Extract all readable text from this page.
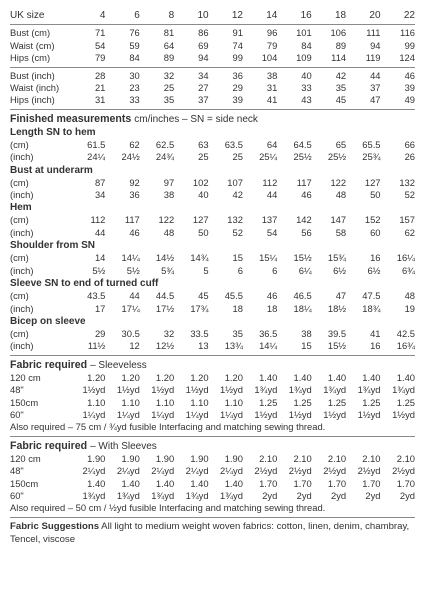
UK size	4	6	8	10	12	14	16	18	20	22
Bust (cm)	71	76	81	86	91	96	101	106	111	116
Waist (cm)	54	59	64	69	74	79	84	89	94	99
Hips (cm)	79	84	89	94	99	104	109	114	119	124
Bust (inch)	28	30	32	34	36	38	40	42	44	46
Waist (inch)	21	23	25	27	29	31	33	35	37	39
Hips (inch)	31	33	35	37	39	41	43	45	47	49
Finished measurements cm/inches – SN = side neck
Length SN to hem
(cm)	61.5	62	62.5	63	63.5	64	64.5	65	65.5	66
(inch)	24¼	24½	24¾	25	25	25¼	25½	25½	25¾	26
Bust at underarm
(cm)	87	92	97	102	107	112	117	122	127	132
(inch)	34	36	38	40	42	44	46	48	50	52
Hem
(cm)	112	117	122	127	132	137	142	147	152	157
(inch)	44	46	48	50	52	54	56	58	60	62
Shoulder from SN
(cm)	14	14¼	14½	14¾	15	15¼	15½	15¾	16	16¼
(inch)	5½	5½	5¾	5	6	6	6¼	6½	6½	6¾
Sleeve SN to end of turned cuff
(cm)	43.5	44	44.5	45	45.5	46	46.5	47	47.5	48
(inch)	17	17¼	17½	17¾	18	18	18¼	18½	18¾	19
Bicep on sleeve
(cm)	29	30.5	32	33.5	35	36.5	38	39.5	41	42.5
(inch)	11½	12	12½	13	13¾	14¼	15	15½	16	16¾
Fabric required – Sleeveless
120 cm	1.20	1.20	1.20	1.20	1.20	1.40	1.40	1.40	1.40	1.40
48"	1½yd	1½yd	1½yd	1½yd	1½yd	1¾yd	1¾yd	1¾yd	1¾yd	1¾yd
150cm	1.10	1.10	1.10	1.10	1.10	1.25	1.25	1.25	1.25	1.25
60"	1¼yd	1¼yd	1¼yd	1¼yd	1¼yd	1½yd	1½yd	1½yd	1½yd	1½yd
Also required – 75 cm / ¾yd fusible Interfacing and matching sewing thread.
Fabric required – With Sleeves
120 cm	1.90	1.90	1.90	1.90	1.90	2.10	2.10	2.10	2.10	2.10
48"	2¼yd	2¼yd	2¼yd	2¼yd	2¼yd	2½yd	2½yd	2½yd	2½yd	2½yd
150cm	1.40	1.40	1.40	1.40	1.40	1.70	1.70	1.70	1.70	1.70
60"	1¾yd	1¾yd	1¾yd	1¾yd	1¾yd	2yd	2yd	2yd	2yd	2yd
Also required – 50 cm / ½yd fusible Interfacing and matching sewing thread.
Fabric Suggestions All light to medium weight woven fabrics: cotton, linen, denim, chambray, Tencel, viscose
